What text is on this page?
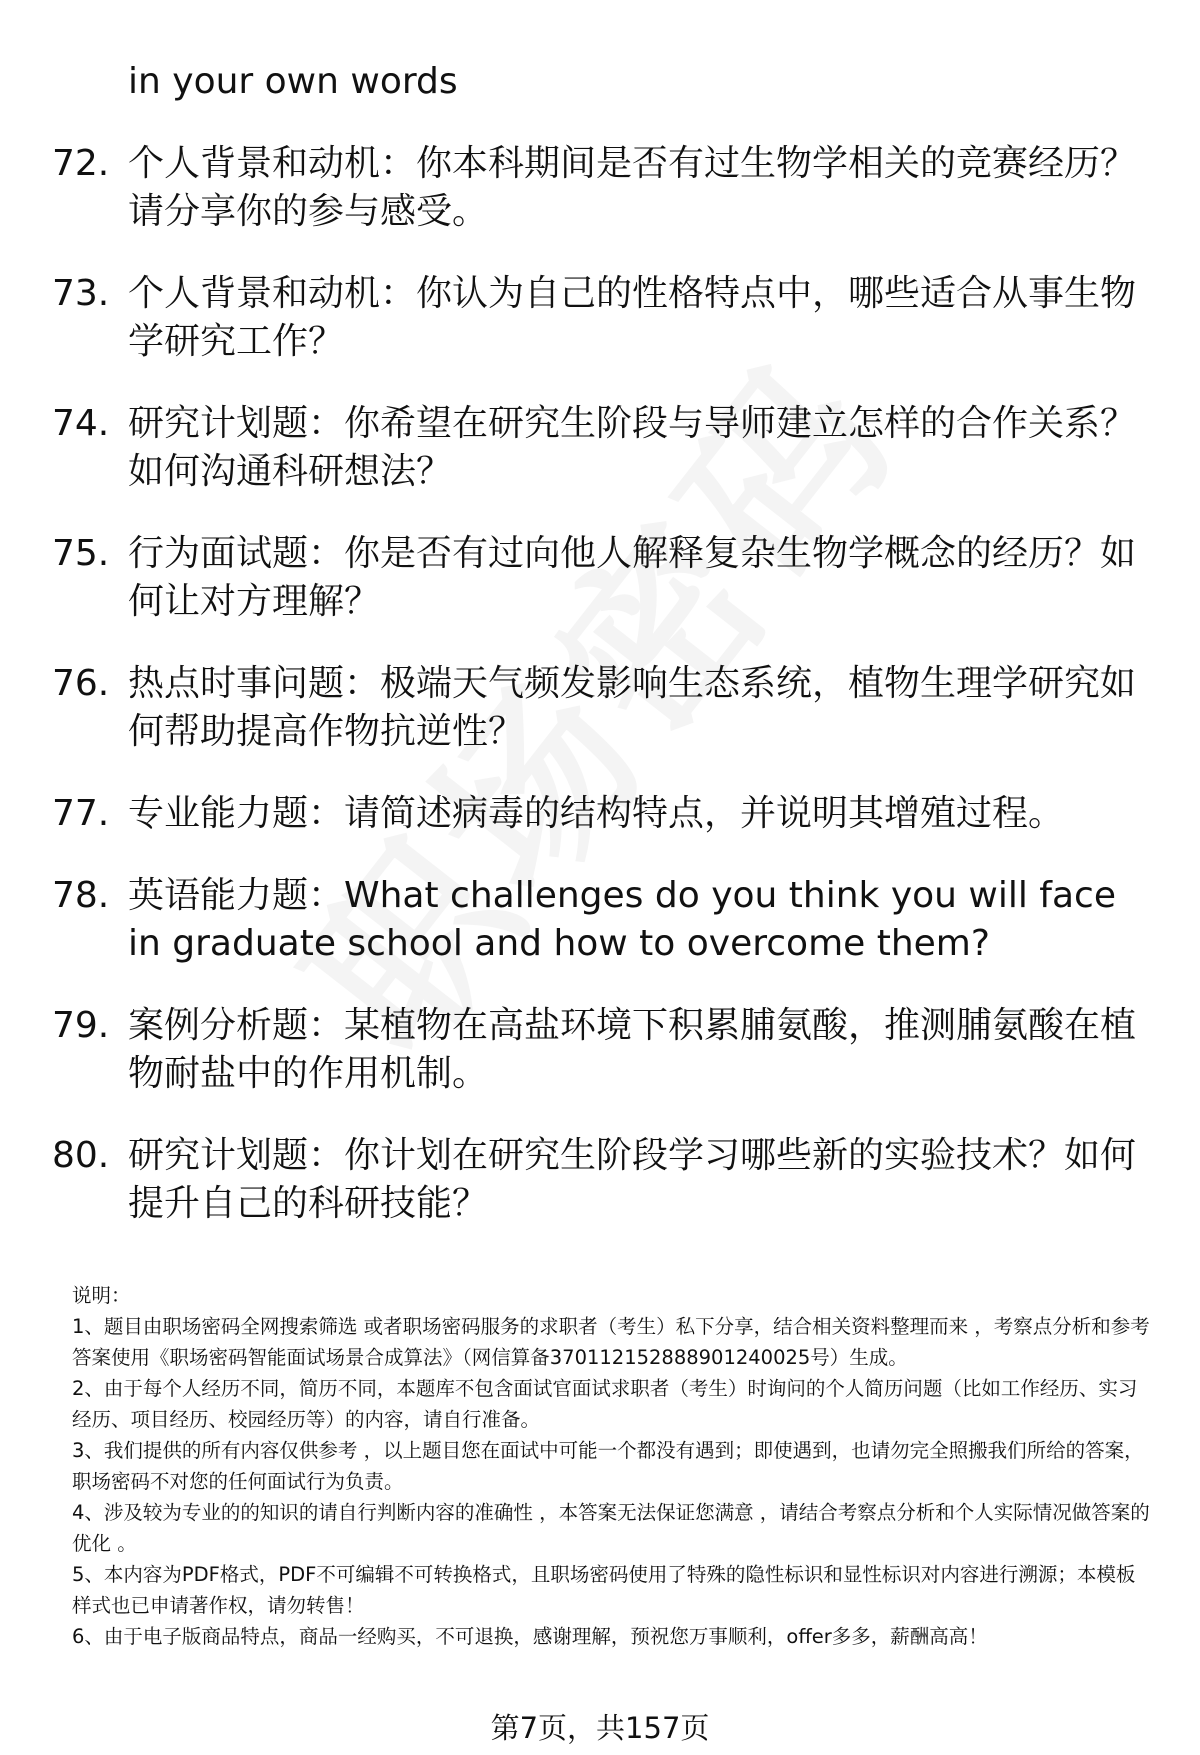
in your own words
72. 个人背景和动机：你本科期间是否有过生物学相关的竞赛经历？请分享你的参与感受。
73. 个人背景和动机：你认为自己的性格特点中，哪些适合从事生物学研究工作？
74. 研究计划题：你希望在研究生阶段与导师建立怎样的合作关系？如何沟通科研想法？
75. 行为面试题：你是否有过向他人解释复杂生物学概念的经历？如何让对方理解？
76. 热点时事问题：极端天气频发影响生态系统，植物生理学研究如何帮助提高作物抗逆性？
77. 专业能力题：请简述病毒的结构特点，并说明其增殖过程。
78. 英语能力题：What challenges do you think you will face in graduate school and how to overcome them?
79. 案例分析题：某植物在高盐环境下积累脯氨酸，推测脯氨酸在植物耐盐中的作用机制。
80. 研究计划题：你计划在研究生阶段学习哪些新的实验技术？如何提升自己的科研技能？

说明：

1、题目由职场密码全网搜索筛选 或者职场密码服务的求职者（考生）私下分享，结合相关资料整理而来 ，考察点分析和参考答案使用《职场密码智能面试场景合成算法》（网信算备370112152888901240025号）生成。

2、由于每个人经历不同，简历不同，本题库不包含面试官面试求职者（考生）时询问的个人简历问题（比如工作经历、实习经历、项目经历、校园经历等）的内容，请自行准备。

3、我们提供的所有内容仅供参考 ，以上题目您在面试中可能一个都没有遇到；即使遇到，也请勿完全照搬我们所给的答案，职场密码不对您的任何面试行为负责。

4、涉及较为专业的的知识的请自行判断内容的准确性 ，本答案无法保证您满意 ，请结合考察点分析和个人实际情况做答案的优化 。

5、本内容为PDF格式，PDF不可编辑不可转换格式，且职场密码使用了特殊的隐性标识和显性标识对内容进行溯源；本模板样式也已申请著作权，请勿转售！

6、由于电子版商品特点，商品一经购买，不可退换，感谢理解，预祝您万事顺利，offer多多，薪酬高高！

第7页，共157页
